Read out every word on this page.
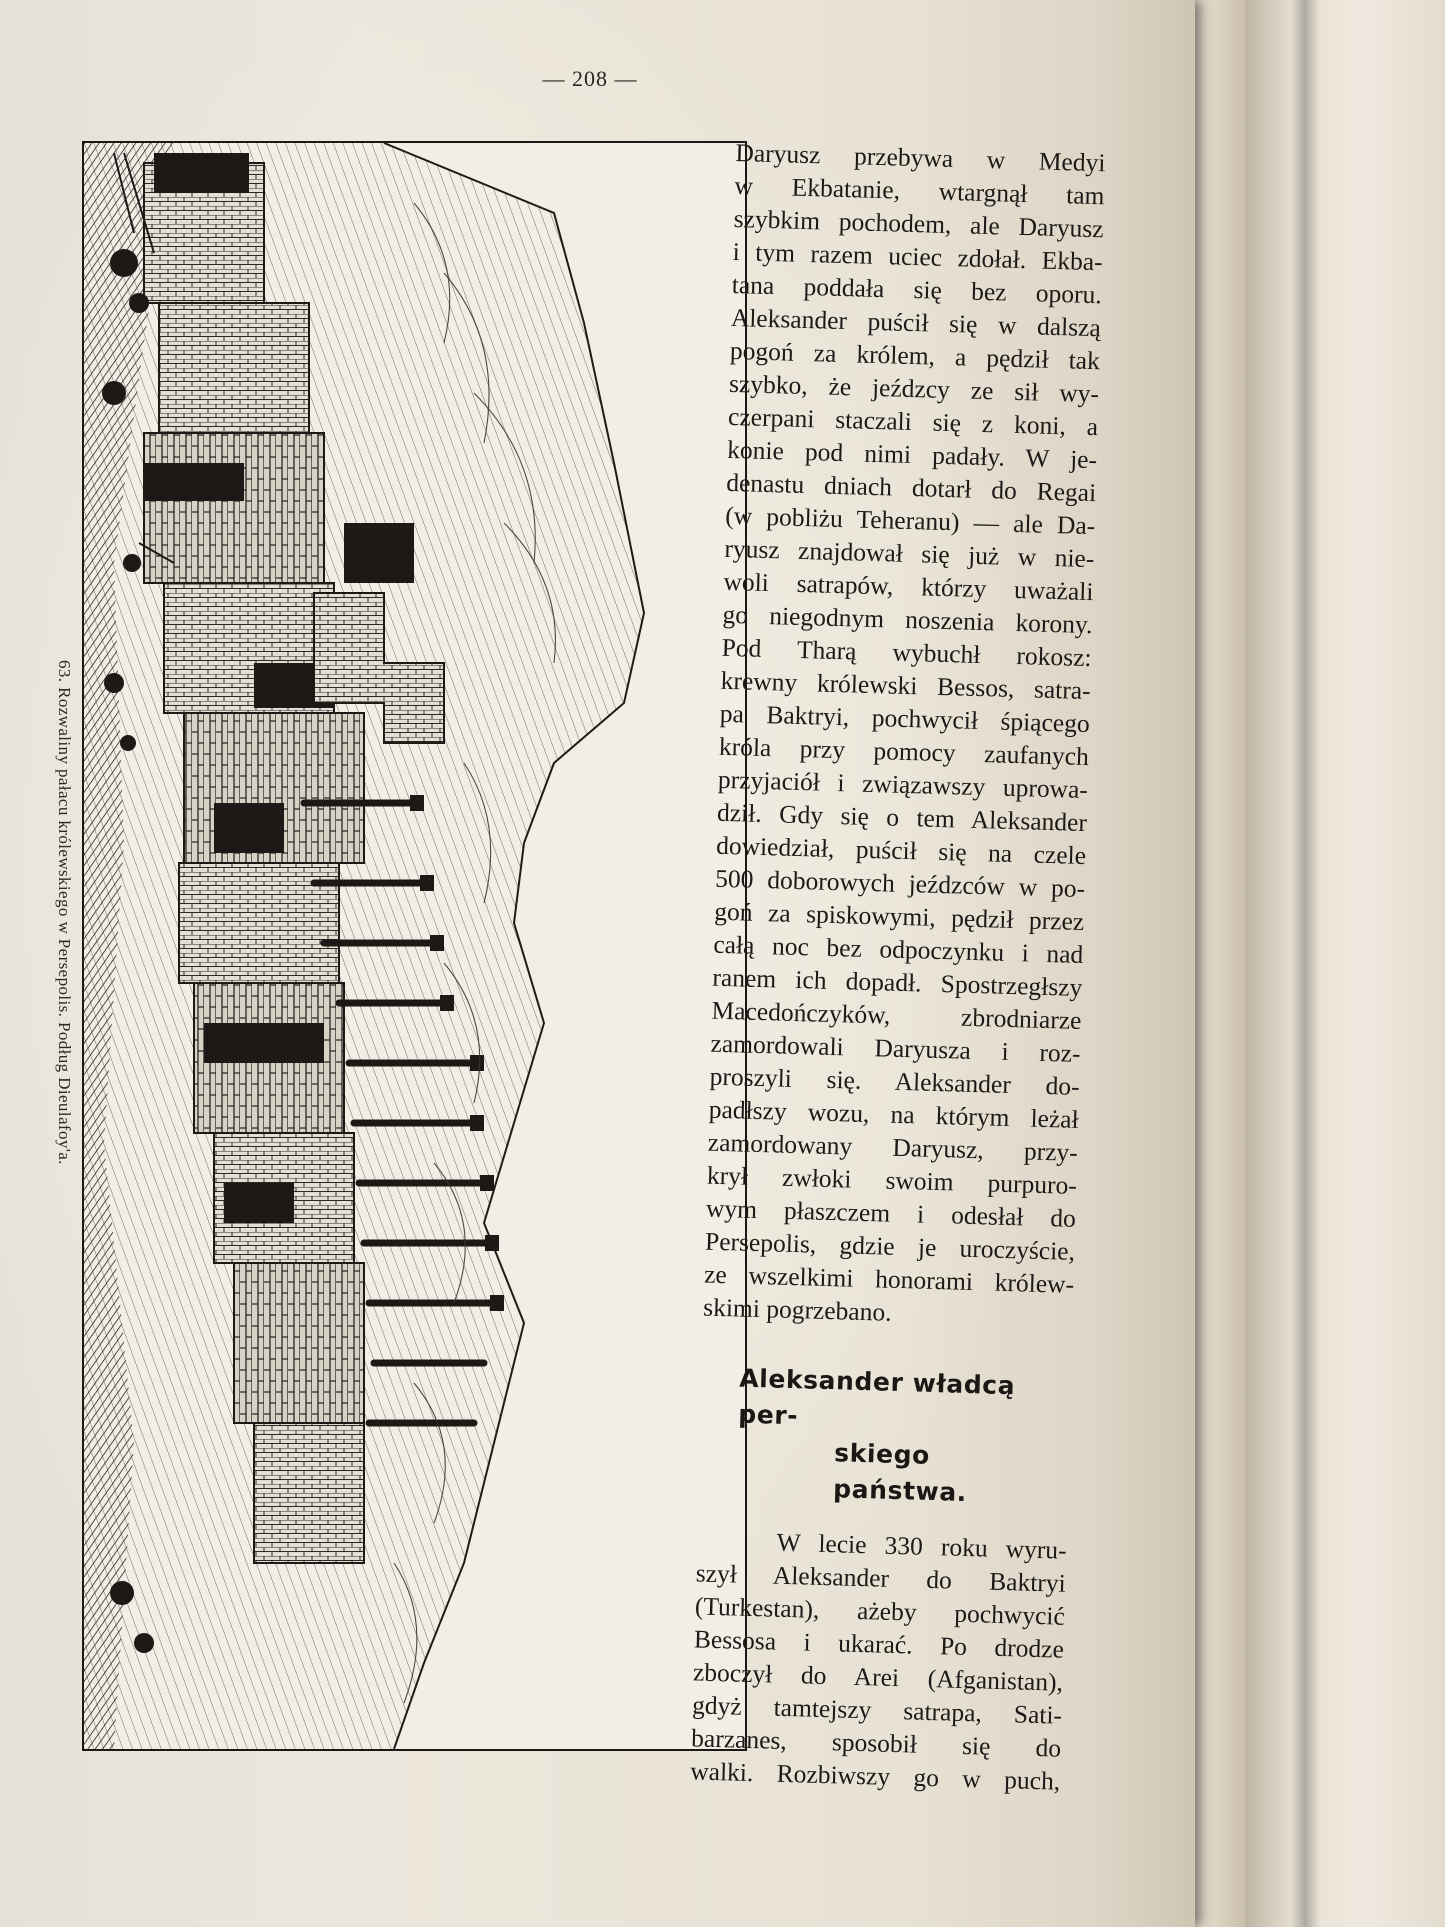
— 208 —
63. Rozwaliny pałacu królewskiego w Persepolis. Podług Dieulafoy'a.
Daryusz przebywa w Medyi
w Ekbatanie, wtargnął tam
szybkim pochodem, ale Daryusz
i tym razem uciec zdołał. Ekba-
tana poddała się bez oporu.
Aleksander puścił się w dalszą
pogoń za królem, a pędził tak
szybko, że jeźdzcy ze sił wy-
czerpani staczali się z koni, a
konie pod nimi padały. W je-
denastu dniach dotarł do Regai
(w pobliżu Teheranu) — ale Da-
ryusz znajdował się już w nie-
woli satrapów, którzy uważali
go niegodnym noszenia korony.
Pod Tharą wybuchł rokosz:
krewny królewski Bessos, satra-
pa Baktryi, pochwycił śpiącego
króla przy pomocy zaufanych
przyjaciół i związawszy uprowa-
dził. Gdy się o tem Aleksander
dowiedział, puścił się na czele
500 doborowych jeźdzców w po-
goń za spiskowymi, pędził przez
całą noc bez odpoczynku i nad
ranem ich dopadł. Spostrzegłszy
Macedończyków, zbrodniarze
zamordowali Daryusza i roz-
proszyli się. Aleksander do-
padłszy wozu, na którym leżał
zamordowany Daryusz, przy-
krył zwłoki swoim purpuro-
wym płaszczem i odesłał do
Persepolis, gdzie je uroczyście,
ze wszelkimi honorami królew-
skimi pogrzebano.
Aleksander władcą per-
skiego państwa.
W lecie 330 roku wyru-
szył Aleksander do Baktryi
(Turkestan), ażeby pochwycić
Bessosa i ukarać. Po drodze
zboczył do Arei (Afganistan),
gdyż tamtejszy satrapa, Sati-
barzanes, sposobił się do
walki. Rozbiwszy go w puch,
